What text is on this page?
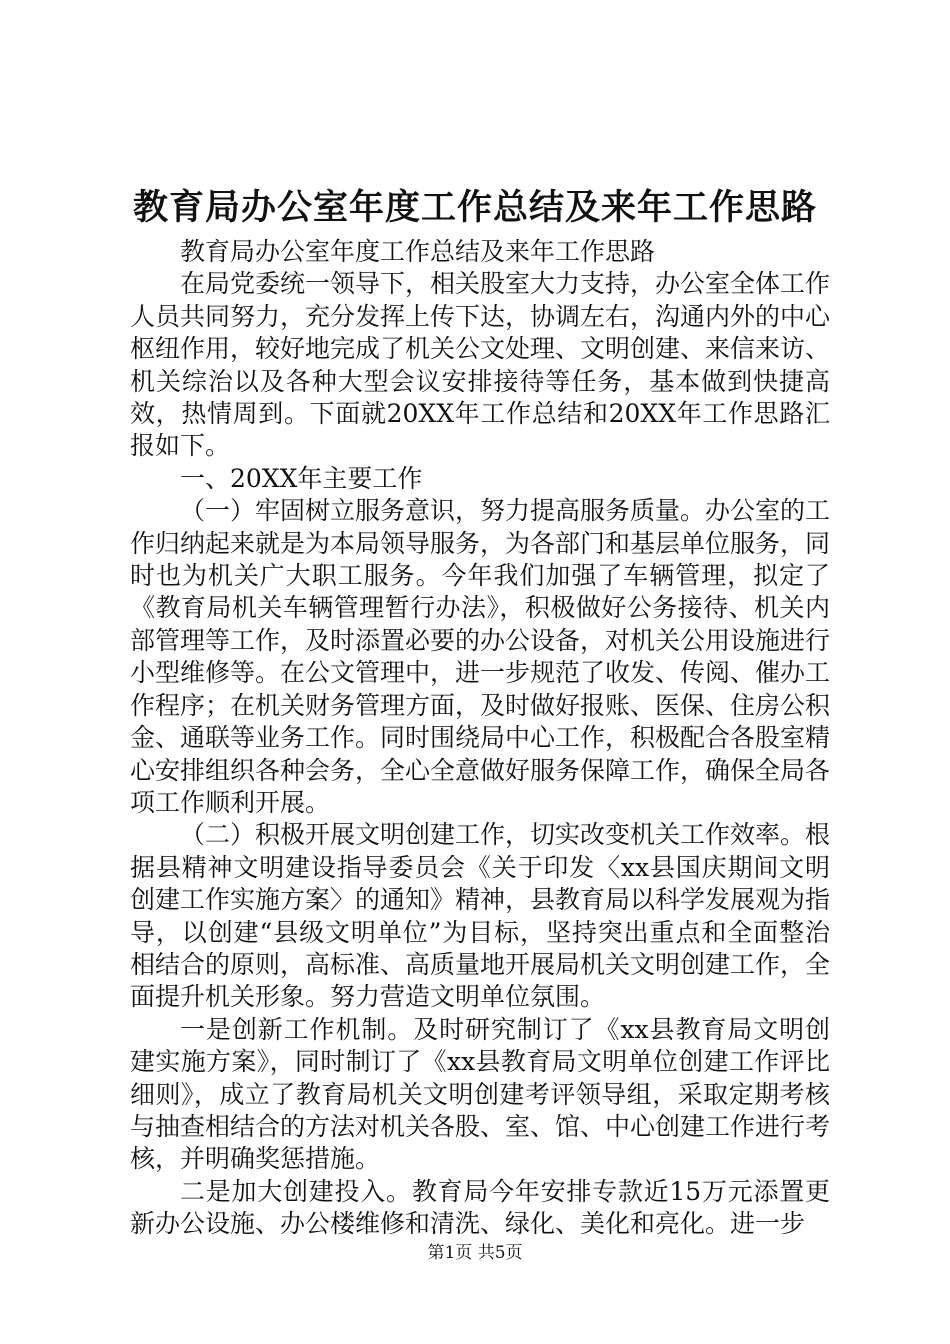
教育局办公室年度工作总结及来年工作思路

教育局办公室年度工作总结及来年工作思路

在局党委统一领导下，相关股室大力支持，办公室全体工作人员共同努力，充分发挥上传下达，协调左右，沟通内外的中心枢纽作用，较好地完成了机关公文处理、文明创建、来信来访、机关综治以及各种大型会议安排接待等任务，基本做到快捷高效，热情周到。下面就20XX年工作总结和20XX年工作思路汇报如下。

一、20XX年主要工作

（一）牢固树立服务意识，努力提高服务质量。办公室的工作归纳起来就是为本局领导服务，为各部门和基层单位服务，同时也为机关广大职工服务。今年我们加强了车辆管理，拟定了《教育局机关车辆管理暂行办法》，积极做好公务接待、机关内部管理等工作，及时添置必要的办公设备，对机关公用设施进行小型维修等。在公文管理中，进一步规范了收发、传阅、催办工作程序；在机关财务管理方面，及时做好报账、医保、住房公积金、通联等业务工作。同时围绕局中心工作，积极配合各股室精心安排组织各种会务，全心全意做好服务保障工作，确保全局各项工作顺利开展。

（二）积极开展文明创建工作，切实改变机关工作效率。根据县精神文明建设指导委员会《关于印发〈xx县国庆期间文明创建工作实施方案〉的通知》精神，县教育局以科学发展观为指导，以创建“县级文明单位”为目标，坚持突出重点和全面整治相结合的原则，高标准、高质量地开展局机关文明创建工作，全面提升机关形象。努力营造文明单位氛围。

一是创新工作机制。及时研究制订了《xx县教育局文明创建实施方案》，同时制订了《xx县教育局文明单位创建工作评比细则》，成立了教育局机关文明创建考评领导组，采取定期考核与抽查相结合的方法对机关各股、室、馆、中心创建工作进行考核，并明确奖惩措施。

二是加大创建投入。教育局今年安排专款近15万元添置更新办公设施、办公楼维修和清洗、绿化、美化和亮化。进一步

第1页 共5页
